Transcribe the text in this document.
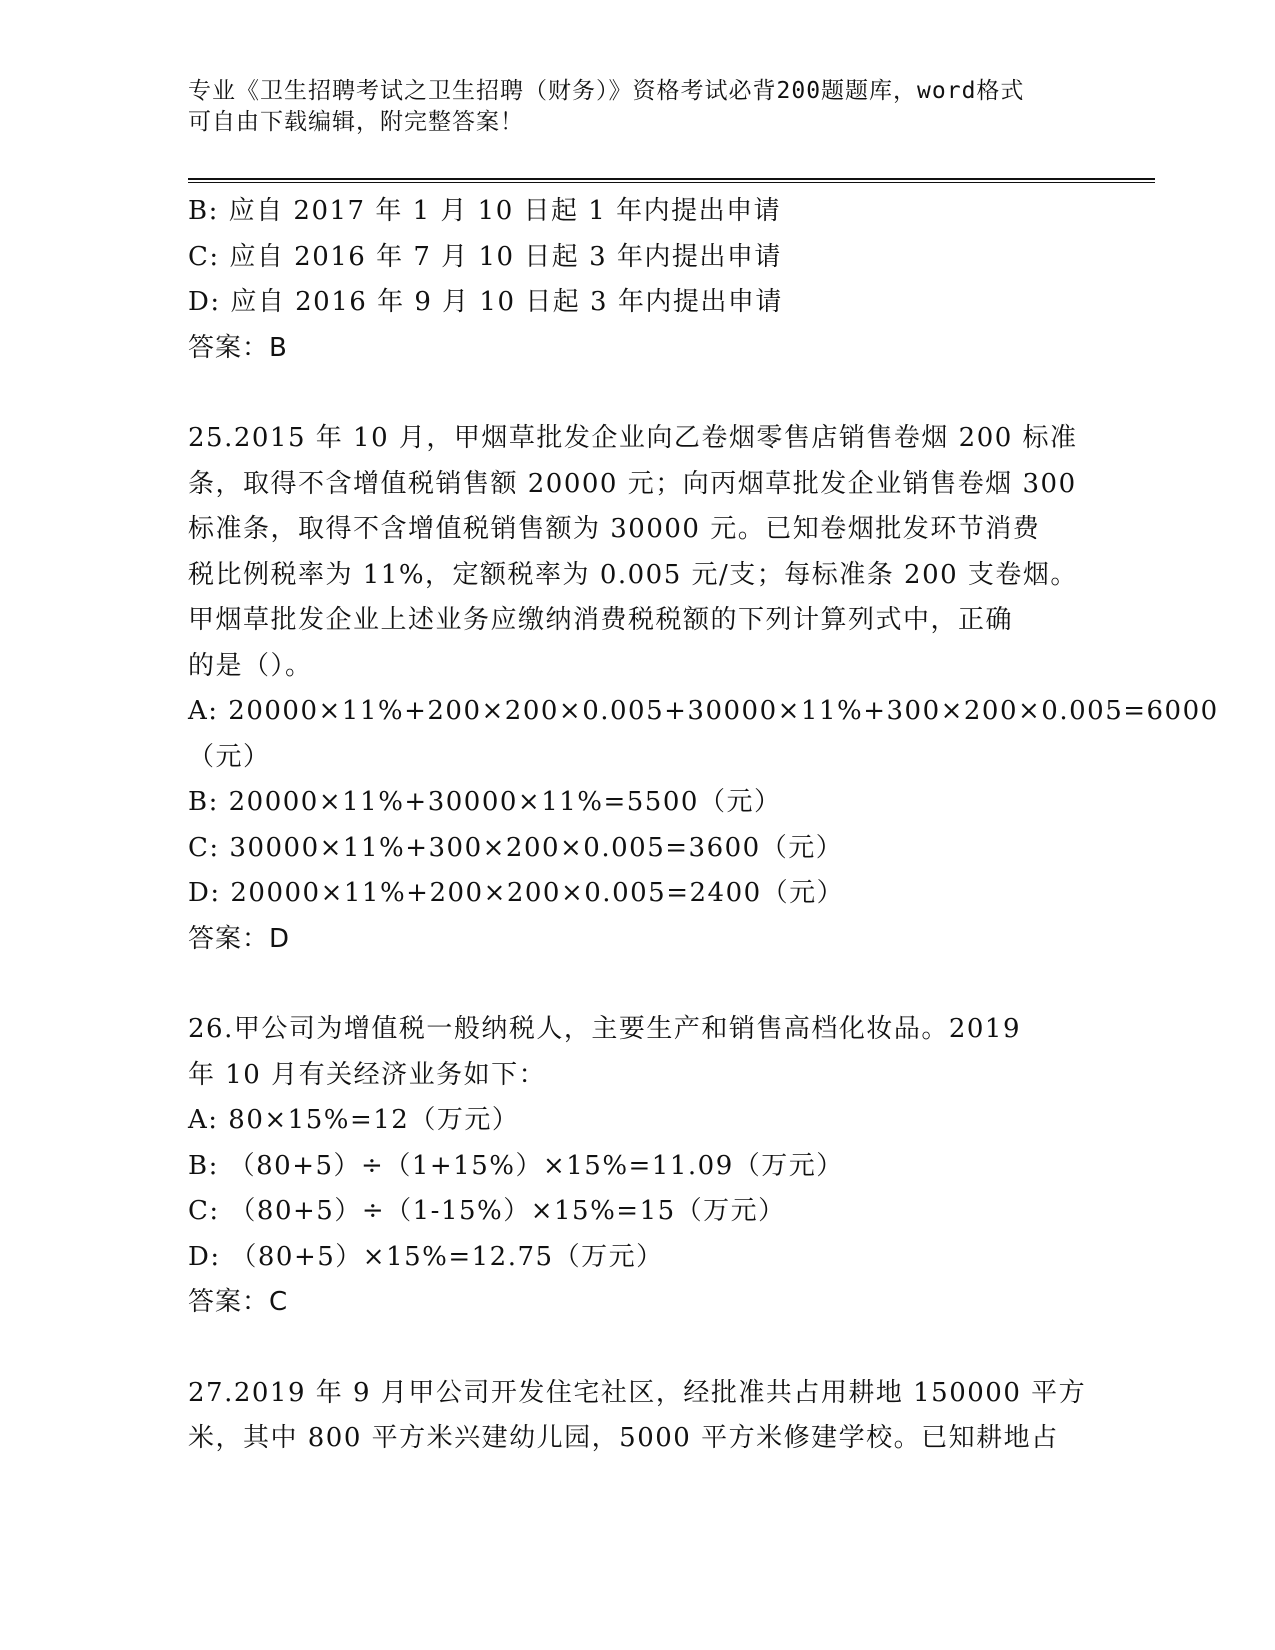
专业《卫生招聘考试之卫生招聘（财务）》资格考试必背200题题库，word格式
可自由下载编辑，附完整答案！
B: 应自 2017 年 1 月 10 日起 1 年内提出申请
C: 应自 2016 年 7 月 10 日起 3 年内提出申请
D: 应自 2016 年 9 月 10 日起 3 年内提出申请
答案：B
25.2015 年 10 月，甲烟草批发企业向乙卷烟零售店销售卷烟 200 标准
条，取得不含增值税销售额 20000 元；向丙烟草批发企业销售卷烟 300
标准条，取得不含增值税销售额为 30000 元。已知卷烟批发环节消费
税比例税率为 11%，定额税率为 0.005 元/支；每标准条 200 支卷烟。
甲烟草批发企业上述业务应缴纳消费税税额的下列计算列式中，正确
的是（）。
A: 20000×11%+200×200×0.005+30000×11%+300×200×0.005=6000
（元）
B: 20000×11%+30000×11%=5500（元）
C: 30000×11%+300×200×0.005=3600（元）
D: 20000×11%+200×200×0.005=2400（元）
答案：D
26.甲公司为增值税一般纳税人，主要生产和销售高档化妆品。2019
年 10 月有关经济业务如下：
A: 80×15%=12（万元）
B: （80+5）÷（1+15%）×15%=11.09（万元）
C: （80+5）÷（1-15%）×15%=15（万元）
D: （80+5）×15%=12.75（万元）
答案：C
27.2019 年 9 月甲公司开发住宅社区，经批准共占用耕地 150000 平方
米，其中 800 平方米兴建幼儿园，5000 平方米修建学校。已知耕地占
